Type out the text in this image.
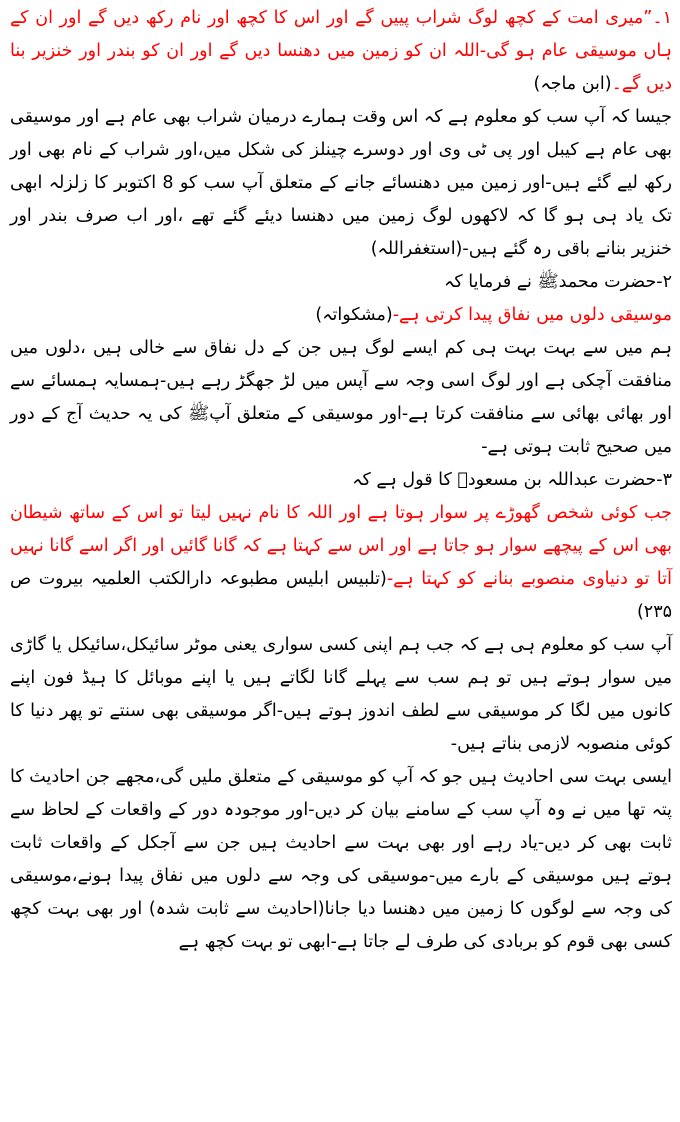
۱۔”میری امت کے کچھ لوگ شراب پییں گے اور اس کا کچھ اور نام رکھ دیں گے اور ان کے ہاں موسیقی عام ہو گی-اللہ ان کو زمین میں دھنسا دیں گے اور ان کو بندر اور خنزیر بنا دیں گے۔(ابن ماجہ)

جیسا کہ آپ سب کو معلوم ہے کہ اس وقت ہمارے درمیان شراب بھی عام ہے اور موسیقی بھی عام ہے کیبل اور پی ٹی وی اور دوسرے چینلز کی شکل میں،اور شراب کے نام بھی اور رکھ لیے گئے ہیں-اور زمین میں دھنسائے جانے کے متعلق آپ سب کو 8 اکتوبر کا زلزلہ ابھی تک یاد ہی ہو گا کہ لاکھوں لوگ زمین میں دھنسا دیئے گئے تھے ،اور اب صرف بندر اور خنزیر بنانے باقی رہ گئے ہیں-(استغفراللہ)

۲-حضرت محمدﷺ نے فرمایا کہ

موسیقی دلوں میں نفاق پیدا کرتی ہے-(مشکواتہ)

ہم میں سے بہت بہت ہی کم ایسے لوگ ہیں جن کے دل نفاق سے خالی ہیں ،دلوں میں منافقت آچکی ہے اور لوگ اسی وجہ سے آپس میں لڑ جھگڑ رہے ہیں-ہمسایہ ہمسائے سے اور بھائی بھائی سے منافقت کرتا ہے-اور موسیقی کے متعلق آپﷺ کی یہ حدیث آج کے دور میں صحیح ثابت ہوتی ہے-

۳-حضرت عبداللہ بن مسعودؓ کا قول ہے کہ

جب کوئی شخص گھوڑے پر سوار ہوتا ہے اور اللہ کا نام نہیں لیتا تو اس کے ساتھ شیطان بھی اس کے پیچھے سوار ہو جاتا ہے اور اس سے کہتا ہے کہ گانا گائیں اور اگر اسے گانا نہیں آتا تو دنیاوی منصوبے بنانے کو کہتا ہے-(تلبیس ابلیس مطبوعہ دارالکتب العلمیہ بیروت ص ۲۳۵)

آپ سب کو معلوم ہی ہے کہ جب ہم اپنی کسی سواری یعنی موٹر سائیکل،سائیکل یا گاڑی میں سوار ہوتے ہیں تو ہم سب سے پہلے گانا لگاتے ہیں یا اپنے موبائل کا ہیڈ فون اپنے کانوں میں لگا کر موسیقی سے لطف اندوز ہوتے ہیں-اگر موسیقی بھی سنتے تو پھر دنیا کا کوئی منصوبہ لازمی بناتے ہیں-

ایسی بہت سی احادیث ہیں جو کہ آپ کو موسیقی کے متعلق ملیں گی،مجھے جن احادیث کا پتہ تھا میں نے وہ آپ سب کے سامنے بیان کر دیں-اور موجودہ دور کے واقعات کے لحاظ سے ثابت بھی کر دیں-یاد رہے اور بھی بہت سے احادیث ہیں جن سے آجکل کے واقعات ثابت ہوتے ہیں موسیقی کے بارے میں-موسیقی کی وجہ سے دلوں میں نفاق پیدا ہونے،موسیقی کی وجہ سے لوگوں کا زمین میں دھنسا دیا جانا(احادیث سے ثابت شدہ) اور بھی بہت کچھ کسی بھی قوم کو بربادی کی طرف لے جاتا ہے-ابھی تو بہت کچھ ہے
